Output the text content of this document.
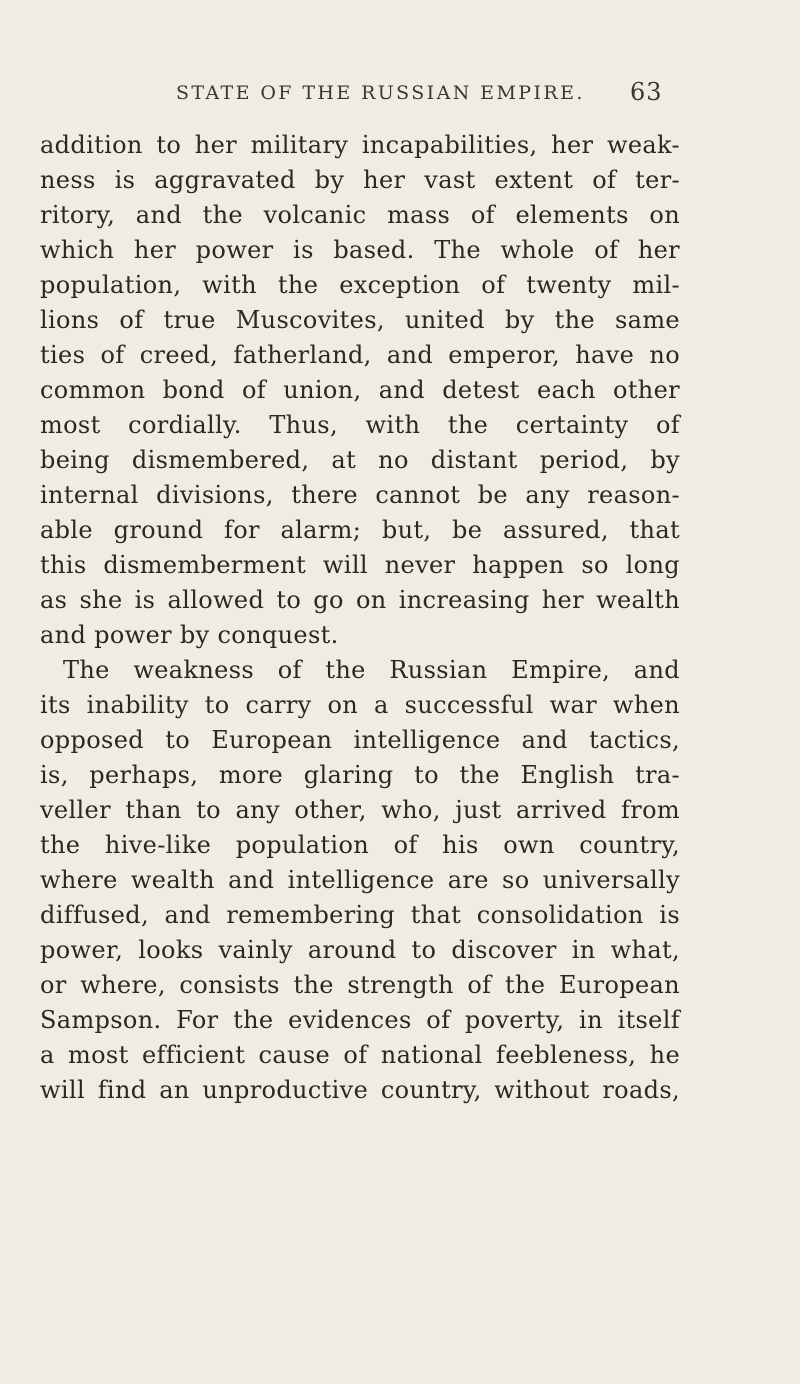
STATE OF THE RUSSIAN EMPIRE.	63
addition to her military incapabilities, her weak-
ness is aggravated by her vast extent of ter-
ritory, and the volcanic mass of elements on
which her power is based. The whole of her
population, with the exception of twenty mil-
lions of true Muscovites, united by the same
ties of creed, fatherland, and emperor, have no
common bond of union, and detest each other
most cordially. Thus, with the certainty of
being dismembered, at no distant period, by
internal divisions, there cannot be any reason-
able ground for alarm; but, be assured, that
this dismemberment will never happen so long
as she is allowed to go on increasing her wealth
and power by conquest.
The weakness of the Russian Empire, and
its inability to carry on a successful war when
opposed to European intelligence and tactics,
is, perhaps, more glaring to the English tra-
veller than to any other, who, just arrived from
the hive-like population of his own country,
where wealth and intelligence are so universally
diffused, and remembering that consolidation is
power, looks vainly around to discover in what,
or where, consists the strength of the European
Sampson. For the evidences of poverty, in itself
a most efficient cause of national feebleness, he
will find an unproductive country, without roads,
